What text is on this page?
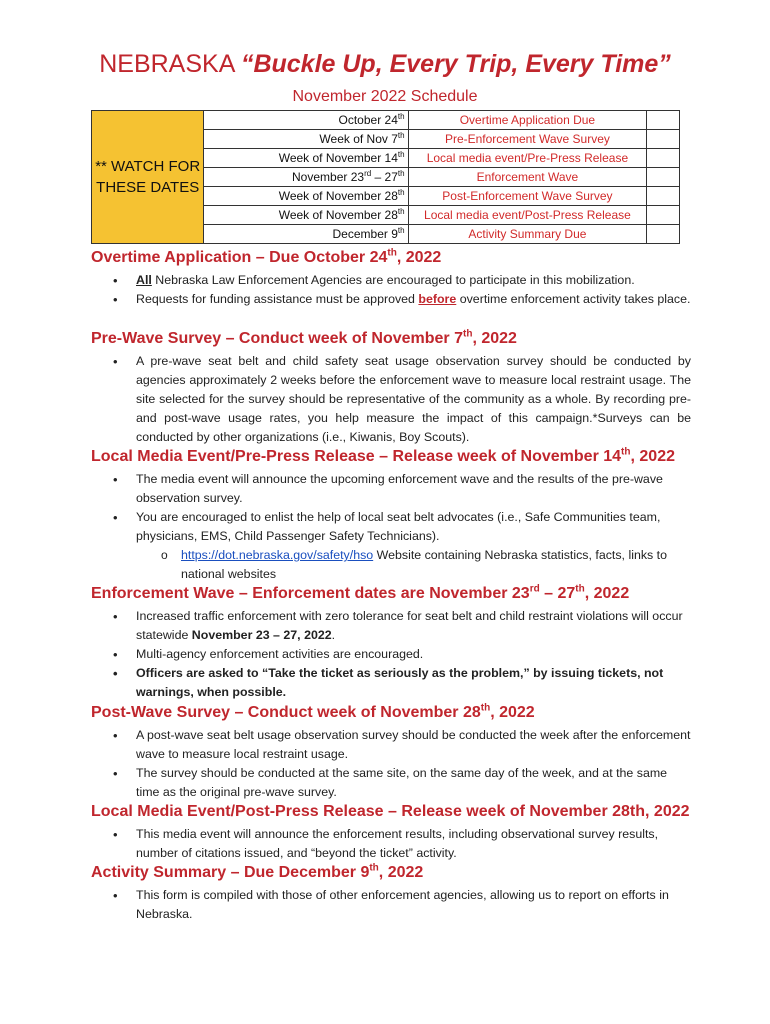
NEBRASKA “Buckle Up, Every Trip, Every Time”
November 2022 Schedule
** WATCH FOR THESE DATES	October 24th	Overtime Application Due	
	Week of Nov 7th	Pre-Enforcement Wave Survey	
	Week of November 14th	Local media event/Pre-Press Release	
	November 23rd – 27th	Enforcement Wave	
	Week of November 28th	Post-Enforcement Wave Survey	
	Week of November 28th	Local media event/Post-Press Release	
	December 9th	Activity Summary Due	
Overtime Application – Due October 24th, 2022
• All Nebraska Law Enforcement Agencies are encouraged to participate in this mobilization.
• Requests for funding assistance must be approved before overtime enforcement activity takes place.
Pre-Wave Survey – Conduct week of November 7th, 2022
• A pre-wave seat belt and child safety seat usage observation survey should be conducted by agencies approximately 2 weeks before the enforcement wave to measure local restraint usage. The site selected for the survey should be representative of the community as a whole. By recording pre- and post-wave usage rates, you help measure the impact of this campaign.*Surveys can be conducted by other organizations (i.e., Kiwanis, Boy Scouts).
Local Media Event/Pre-Press Release – Release week of November 14th, 2022
• The media event will announce the upcoming enforcement wave and the results of the pre-wave observation survey.
• You are encouraged to enlist the help of local seat belt advocates (i.e., Safe Communities team, physicians, EMS, Child Passenger Safety Technicians).
o https://dot.nebraska.gov/safety/hso Website containing Nebraska statistics, facts, links to national websites
Enforcement Wave – Enforcement dates are November 23rd – 27th, 2022
• Increased traffic enforcement with zero tolerance for seat belt and child restraint violations will occur statewide November 23 – 27, 2022.
• Multi-agency enforcement activities are encouraged.
• Officers are asked to “Take the ticket as seriously as the problem,” by issuing tickets, not warnings, when possible.
Post-Wave Survey – Conduct week of November 28th, 2022
• A post-wave seat belt usage observation survey should be conducted the week after the enforcement wave to measure local restraint usage.
• The survey should be conducted at the same site, on the same day of the week, and at the same time as the original pre-wave survey.
Local Media Event/Post-Press Release – Release week of November 28th, 2022
• This media event will announce the enforcement results, including observational survey results, number of citations issued, and “beyond the ticket” activity.
Activity Summary – Due December 9th, 2022
• This form is compiled with those of other enforcement agencies, allowing us to report on efforts in Nebraska.
